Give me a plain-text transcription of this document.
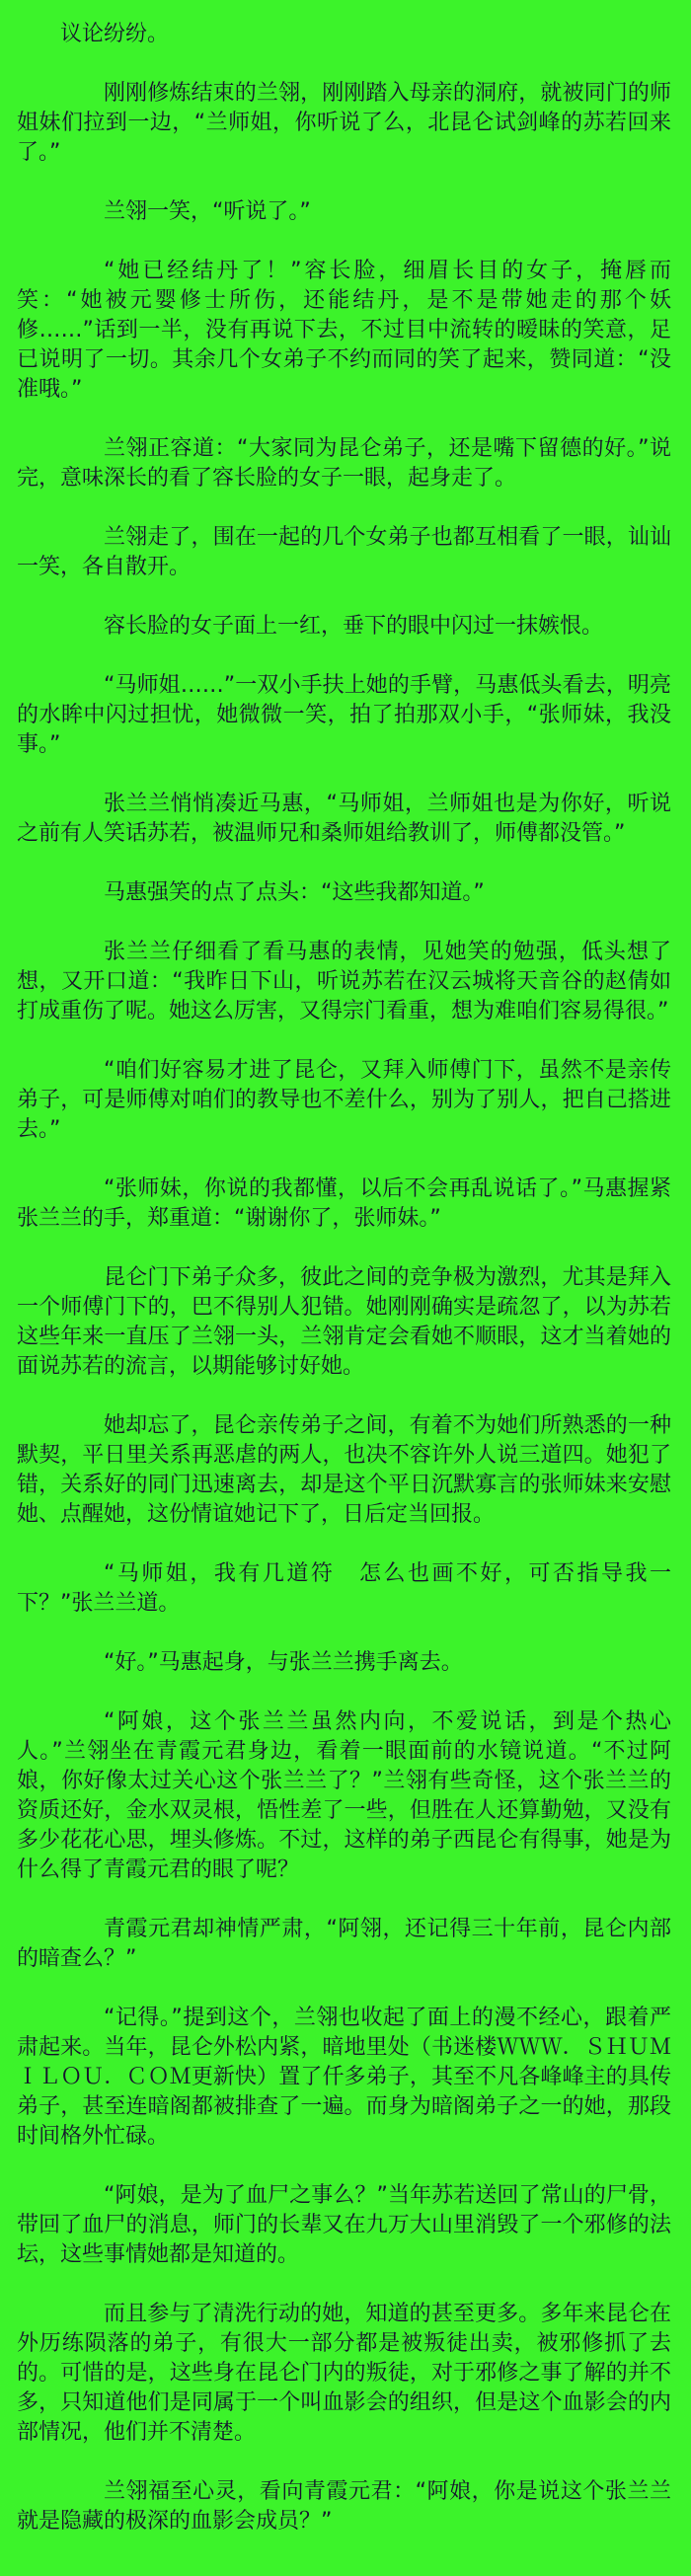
议论纷纷。

刚刚修炼结束的兰翎，刚刚踏入母亲的洞府，就被同门的师姐妹们拉到一边，“兰师姐，你听说了么，北昆仑试剑峰的苏若回来了。”

兰翎一笑，“听说了。”

“她已经结丹了！”容长脸，细眉长目的女子，掩唇而笑：“她被元婴修士所伤，还能结丹，是不是带她走的那个妖修……”话到一半，没有再说下去，不过目中流转的暧昧的笑意，足已说明了一切。其余几个女弟子不约而同的笑了起来，赞同道：“没准哦。”

兰翎正容道：“大家同为昆仑弟子，还是嘴下留德的好。”说完，意味深长的看了容长脸的女子一眼，起身走了。

兰翎走了，围在一起的几个女弟子也都互相看了一眼，讪讪一笑，各自散开。

容长脸的女子面上一红，垂下的眼中闪过一抹嫉恨。

“马师姐……”一双小手扶上她的手臂，马惠低头看去，明亮的水眸中闪过担忧，她微微一笑，拍了拍那双小手，“张师妹，我没事。”

张兰兰悄悄凑近马惠，“马师姐，兰师姐也是为你好，听说之前有人笑话苏若，被温师兄和桑师姐给教训了，师傅都没管。”

马惠强笑的点了点头：“这些我都知道。”

张兰兰仔细看了看马惠的表情，见她笑的勉强，低头想了想，又开口道：“我昨日下山，听说苏若在汉云城将天音谷的赵倩如打成重伤了呢。她这么厉害，又得宗门看重，想为难咱们容易得很。”

“咱们好容易才进了昆仑，又拜入师傅门下，虽然不是亲传弟子，可是师傅对咱们的教导也不差什么，别为了别人，把自己搭进去。”

“张师妹，你说的我都懂，以后不会再乱说话了。”马惠握紧张兰兰的手，郑重道：“谢谢你了，张师妹。”

昆仑门下弟子众多，彼此之间的竞争极为激烈，尤其是拜入一个师傅门下的，巴不得别人犯错。她刚刚确实是疏忽了，以为苏若这些年来一直压了兰翎一头，兰翎肯定会看她不顺眼，这才当着她的面说苏若的流言，以期能够讨好她。

她却忘了，昆仑亲传弟子之间，有着不为她们所熟悉的一种默契，平日里关系再恶虐的两人，也决不容许外人说三道四。她犯了错，关系好的同门迅速离去，却是这个平日沉默寡言的张师妹来安慰她、点醒她，这份情谊她记下了，日后定当回报。

“马师姐，我有几道符　怎么也画不好，可否指导我一下？”张兰兰道。

“好。”马惠起身，与张兰兰携手离去。

“阿娘，这个张兰兰虽然内向，不爱说话，到是个热心人。”兰翎坐在青霞元君身边，看着一眼面前的水镜说道。“不过阿娘，你好像太过关心这个张兰兰了？”兰翎有些奇怪，这个张兰兰的资质还好，金水双灵根，悟性差了一些，但胜在人还算勤勉，又没有多少花花心思，埋头修炼。不过，这样的弟子西昆仑有得事，她是为什么得了青霞元君的眼了呢？

青霞元君却神情严肃，“阿翎，还记得三十年前，昆仑内部的暗查么？”

“记得。”提到这个，兰翎也收起了面上的漫不经心，跟着严肃起来。当年，昆仑外松内紧，暗地里处（书迷楼ＷＷＷ．ＳＨＵＭＩＬＯＵ．ＣＯＭ更新快）置了仟多弟子，其至不凡各峰峰主的具传弟子，甚至连暗阁都被排查了一遍。而身为暗阁弟子之一的她，那段时间格外忙碌。

“阿娘，是为了血尸之事么？”当年苏若送回了常山的尸骨，带回了血尸的消息，师门的长辈又在九万大山里消毁了一个邪修的法坛，这些事情她都是知道的。

而且参与了清洗行动的她，知道的甚至更多。多年来昆仑在外历练陨落的弟子，有很大一部分都是被叛徒出卖，被邪修抓了去的。可惜的是，这些身在昆仑门内的叛徒，对于邪修之事了解的并不多，只知道他们是同属于一个叫血影会的组织，但是这个血影会的内部情况，他们并不清楚。

兰翎福至心灵，看向青霞元君：“阿娘，你是说这个张兰兰就是隐藏的极深的血影会成员？”
